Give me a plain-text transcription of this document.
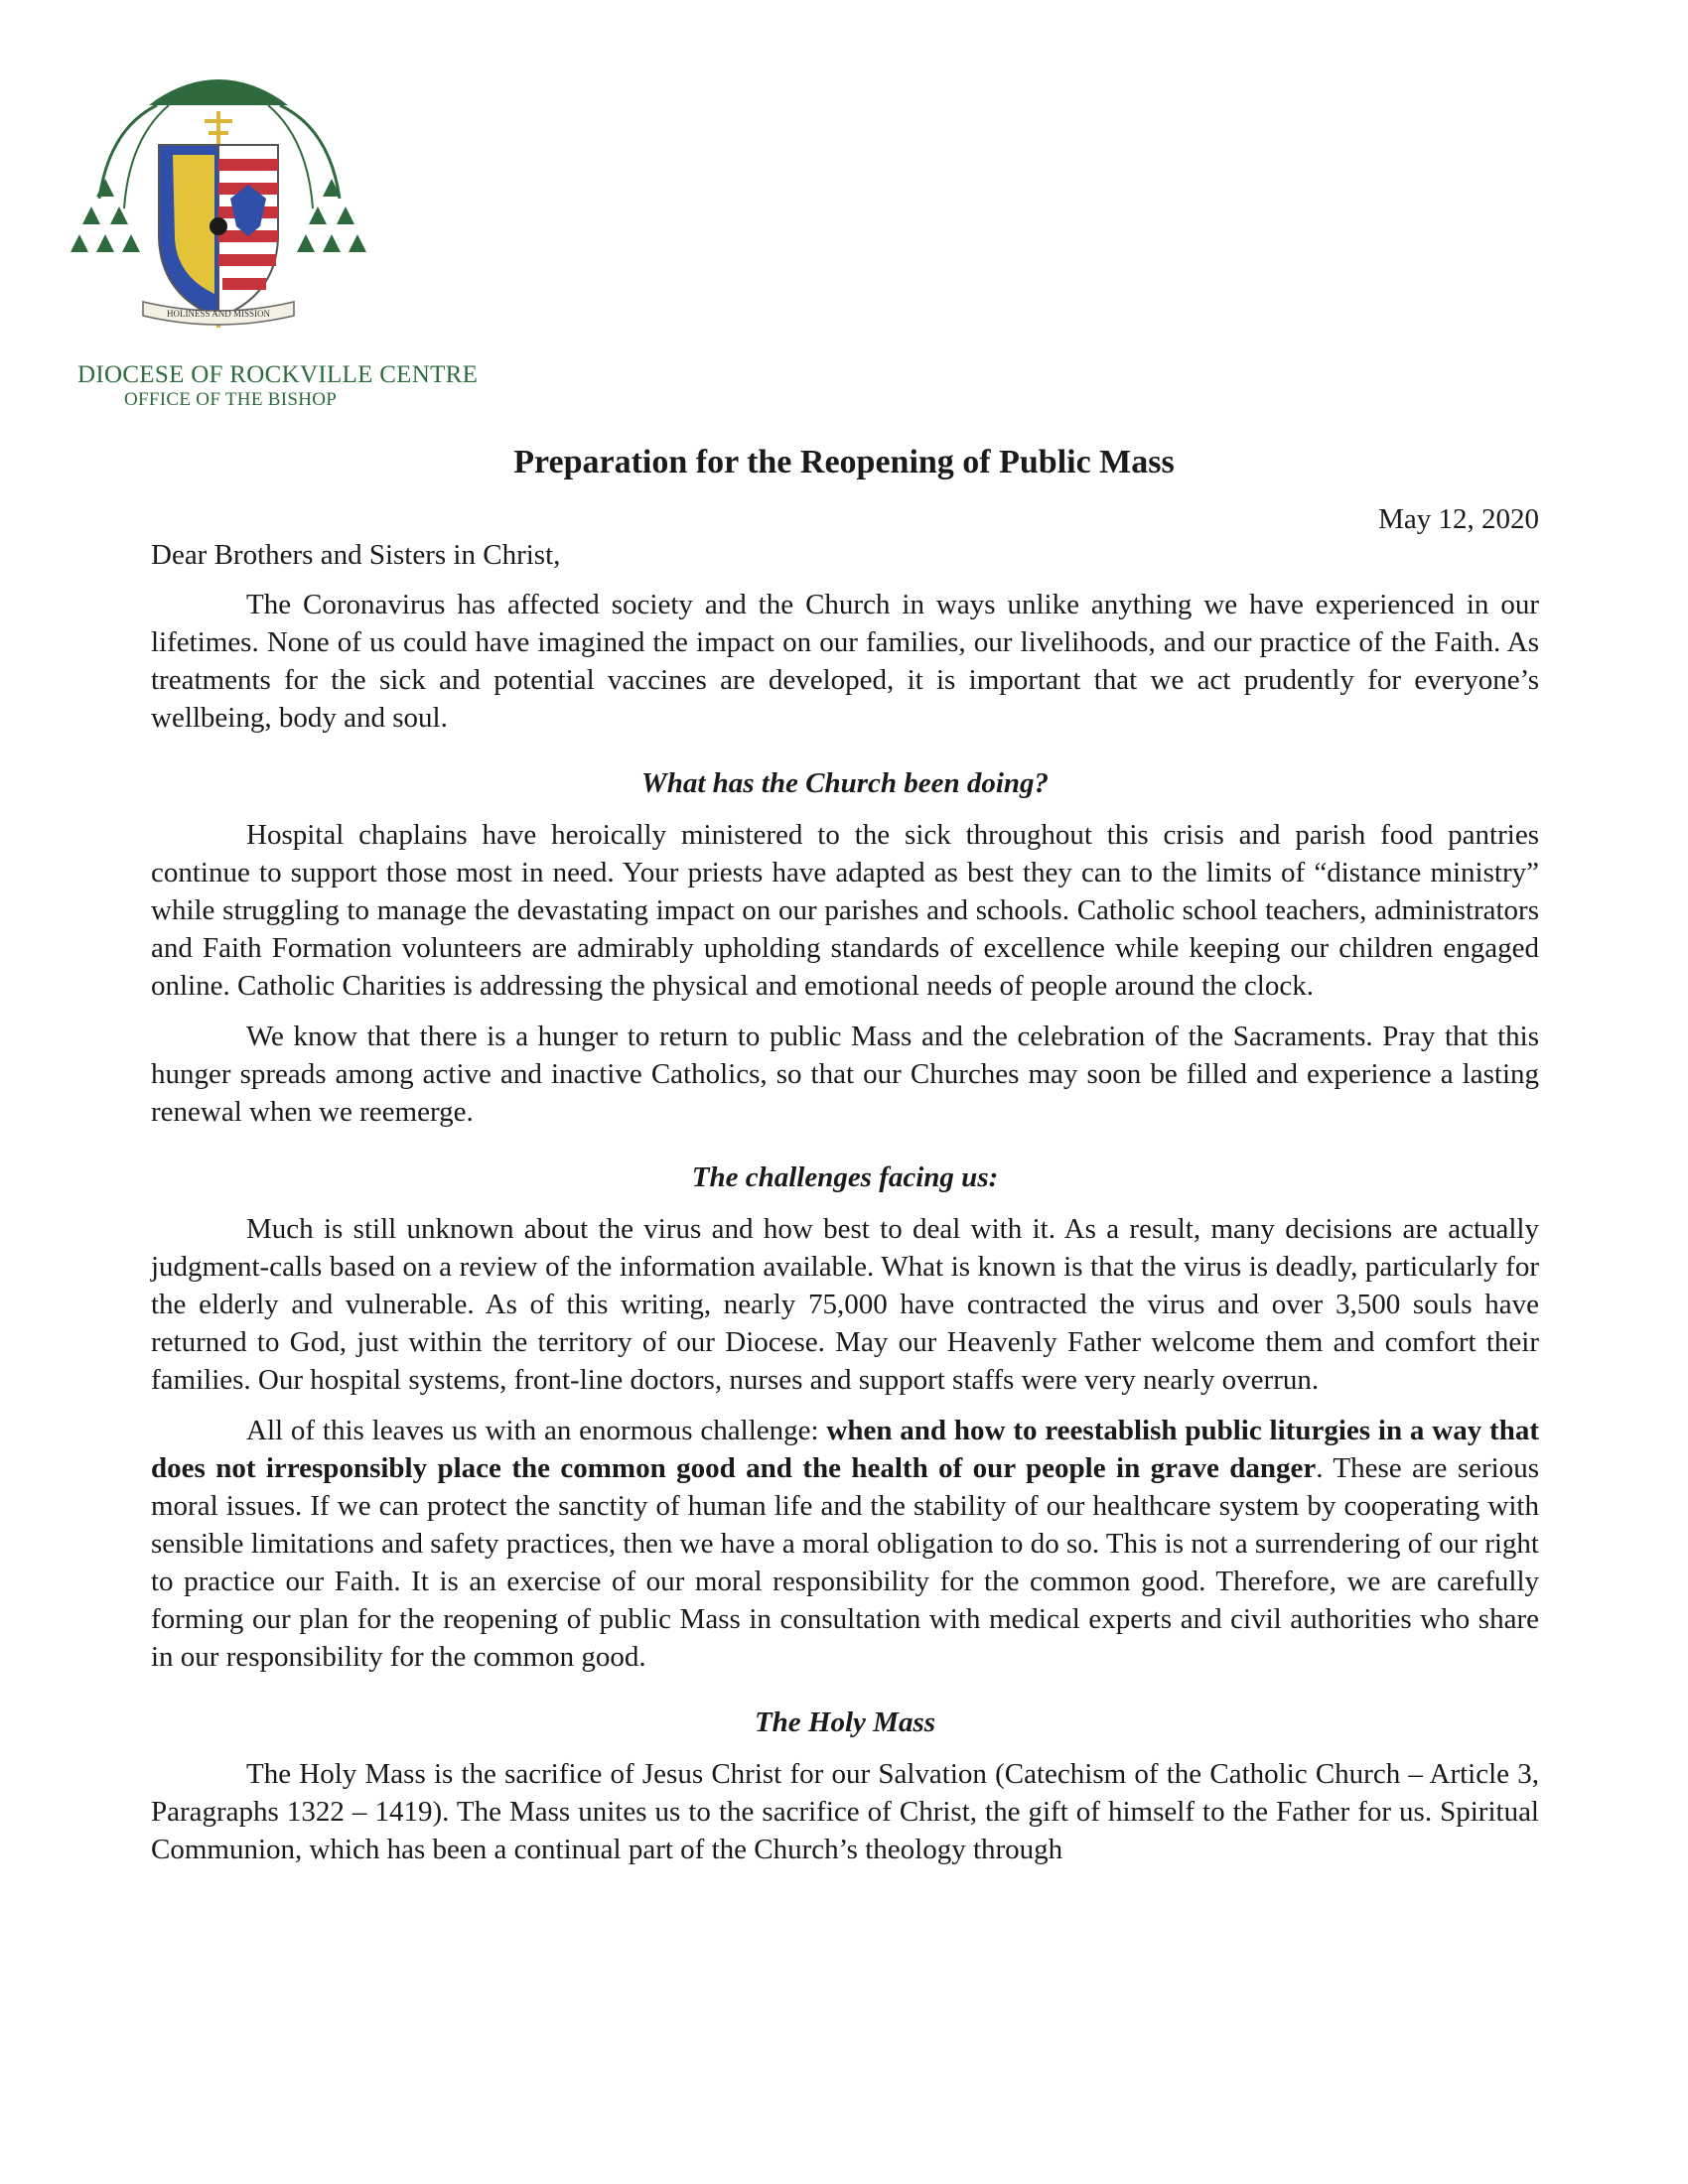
HOLINESS AND MISSION
DIOCESE OF ROCKVILLE CENTRE
OFFICE OF THE BISHOP
Preparation for the Reopening of Public Mass
May 12, 2020

Dear Brothers and Sisters in Christ,

The Coronavirus has affected society and the Church in ways unlike anything we have experienced in our lifetimes. None of us could have imagined the impact on our families, our livelihoods, and our practice of the Faith. As treatments for the sick and potential vaccines are developed, it is important that we act prudently for everyone’s wellbeing, body and soul.

What has the Church been doing?

Hospital chaplains have heroically ministered to the sick throughout this crisis and parish food pantries continue to support those most in need. Your priests have adapted as best they can to the limits of “distance ministry” while struggling to manage the devastating impact on our parishes and schools. Catholic school teachers, administrators and Faith Formation volunteers are admirably upholding standards of excellence while keeping our children engaged online. Catholic Charities is addressing the physical and emotional needs of people around the clock.

We know that there is a hunger to return to public Mass and the celebration of the Sacraments. Pray that this hunger spreads among active and inactive Catholics, so that our Churches may soon be filled and experience a lasting renewal when we reemerge.

The challenges facing us:

Much is still unknown about the virus and how best to deal with it. As a result, many decisions are actually judgment-calls based on a review of the information available. What is known is that the virus is deadly, particularly for the elderly and vulnerable. As of this writing, nearly 75,000 have contracted the virus and over 3,500 souls have returned to God, just within the territory of our Diocese. May our Heavenly Father welcome them and comfort their families. Our hospital systems, front-line doctors, nurses and support staffs were very nearly overrun.

All of this leaves us with an enormous challenge: when and how to reestablish public liturgies in a way that does not irresponsibly place the common good and the health of our people in grave danger. These are serious moral issues. If we can protect the sanctity of human life and the stability of our healthcare system by cooperating with sensible limitations and safety practices, then we have a moral obligation to do so. This is not a surrendering of our right to practice our Faith. It is an exercise of our moral responsibility for the common good. Therefore, we are carefully forming our plan for the reopening of public Mass in consultation with medical experts and civil authorities who share in our responsibility for the common good.

The Holy Mass

The Holy Mass is the sacrifice of Jesus Christ for our Salvation (Catechism of the Catholic Church – Article 3, Paragraphs 1322 – 1419). The Mass unites us to the sacrifice of Christ, the gift of himself to the Father for us. Spiritual Communion, which has been a continual part of the Church’s theology through
